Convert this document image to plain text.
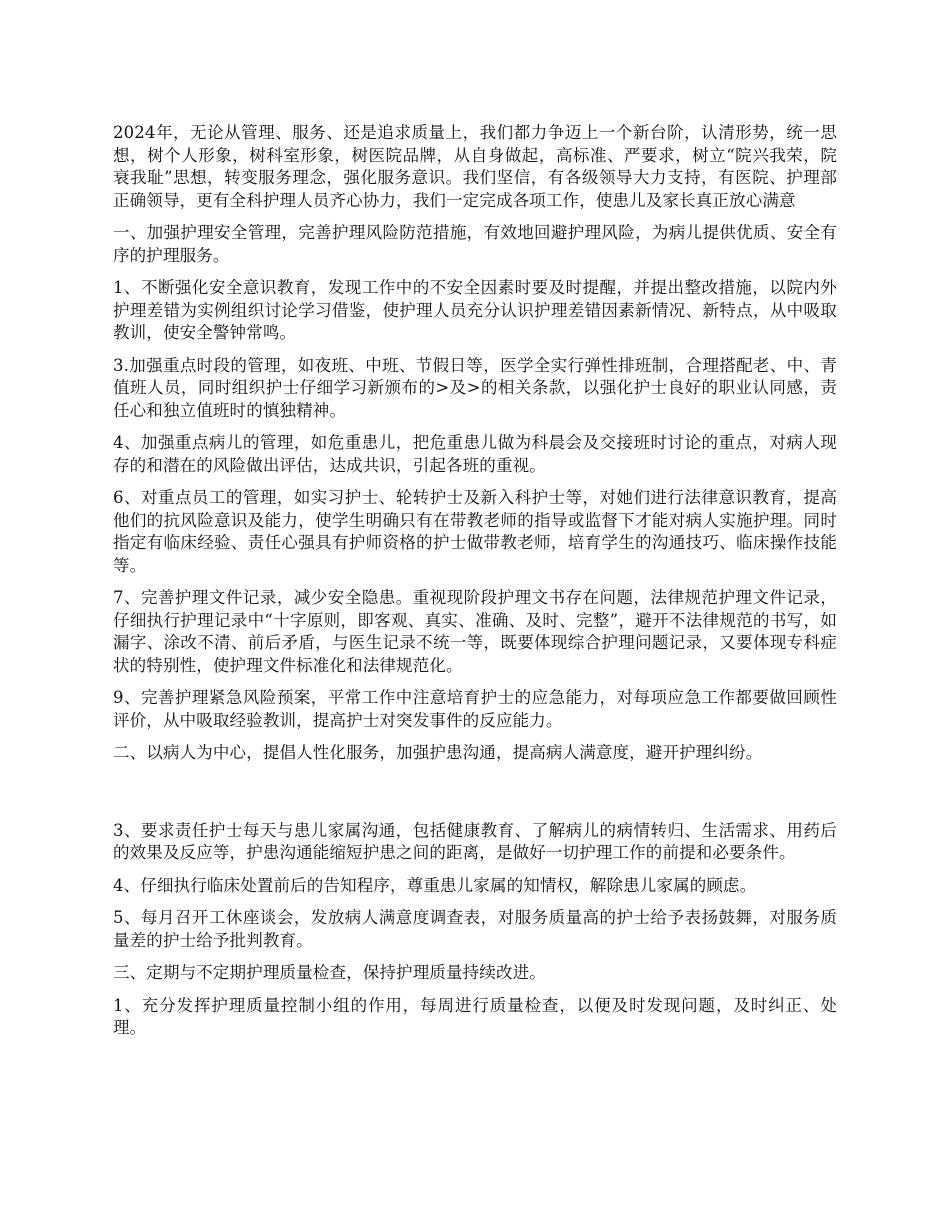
2024年，无论从管理、服务、还是追求质量上，我们都力争迈上一个新台阶，认清形势，统一思想，树个人形象，树科室形象，树医院品牌，从自身做起，高标准、严要求，树立“院兴我荣，院衰我耻”思想，转变服务理念，强化服务意识。我们坚信，有各级领导大力支持，有医院、护理部正确领导，更有全科护理人员齐心协力，我们一定完成各项工作，使患儿及家长真正放心满意

一、加强护理安全管理，完善护理风险防范措施，有效地回避护理风险，为病儿提供优质、安全有序的护理服务。

1、不断强化安全意识教育，发现工作中的不安全因素时要及时提醒，并提出整改措施，以院内外护理差错为实例组织讨论学习借鉴，使护理人员充分认识护理差错因素新情况、新特点，从中吸取教训，使安全警钟常鸣。

3.加强重点时段的管理，如夜班、中班、节假日等，医学全实行弹性排班制，合理搭配老、中、青值班人员，同时组织护士仔细学习新颁布的>及>的相关条款，以强化护士良好的职业认同感，责任心和独立值班时的慎独精神。

4、加强重点病儿的管理，如危重患儿，把危重患儿做为科晨会及交接班时讨论的重点，对病人现存的和潜在的风险做出评估，达成共识，引起各班的重视。

6、对重点员工的管理，如实习护士、轮转护士及新入科护士等，对她们进行法律意识教育，提高他们的抗风险意识及能力，使学生明确只有在带教老师的指导或监督下才能对病人实施护理。同时指定有临床经验、责任心强具有护师资格的护士做带教老师，培育学生的沟通技巧、临床操作技能等。

7、完善护理文件记录，减少安全隐患。重视现阶段护理文书存在问题，法律规范护理文件记录，仔细执行护理记录中“十字原则，即客观、真实、准确、及时、完整”，避开不法律规范的书写，如漏字、涂改不清、前后矛盾，与医生记录不统一等，既要体现综合护理问题记录，又要体现专科症状的特别性，使护理文件标准化和法律规范化。

9、完善护理紧急风险预案，平常工作中注意培育护士的应急能力，对每项应急工作都要做回顾性评价，从中吸取经验教训，提高护士对突发事件的反应能力。

二、以病人为中心，提倡人性化服务，加强护患沟通，提高病人满意度，避开护理纠纷。

3、要求责任护士每天与患儿家属沟通，包括健康教育、了解病儿的病情转归、生活需求、用药后的效果及反应等，护患沟通能缩短护患之间的距离，是做好一切护理工作的前提和必要条件。

4、仔细执行临床处置前后的告知程序，尊重患儿家属的知情权，解除患儿家属的顾虑。

5、每月召开工休座谈会，发放病人满意度调查表，对服务质量高的护士给予表扬鼓舞，对服务质量差的护士给予批判教育。

三、定期与不定期护理质量检查，保持护理质量持续改进。

1、充分发挥护理质量控制小组的作用，每周进行质量检查，以便及时发现问题，及时纠正、处理。
